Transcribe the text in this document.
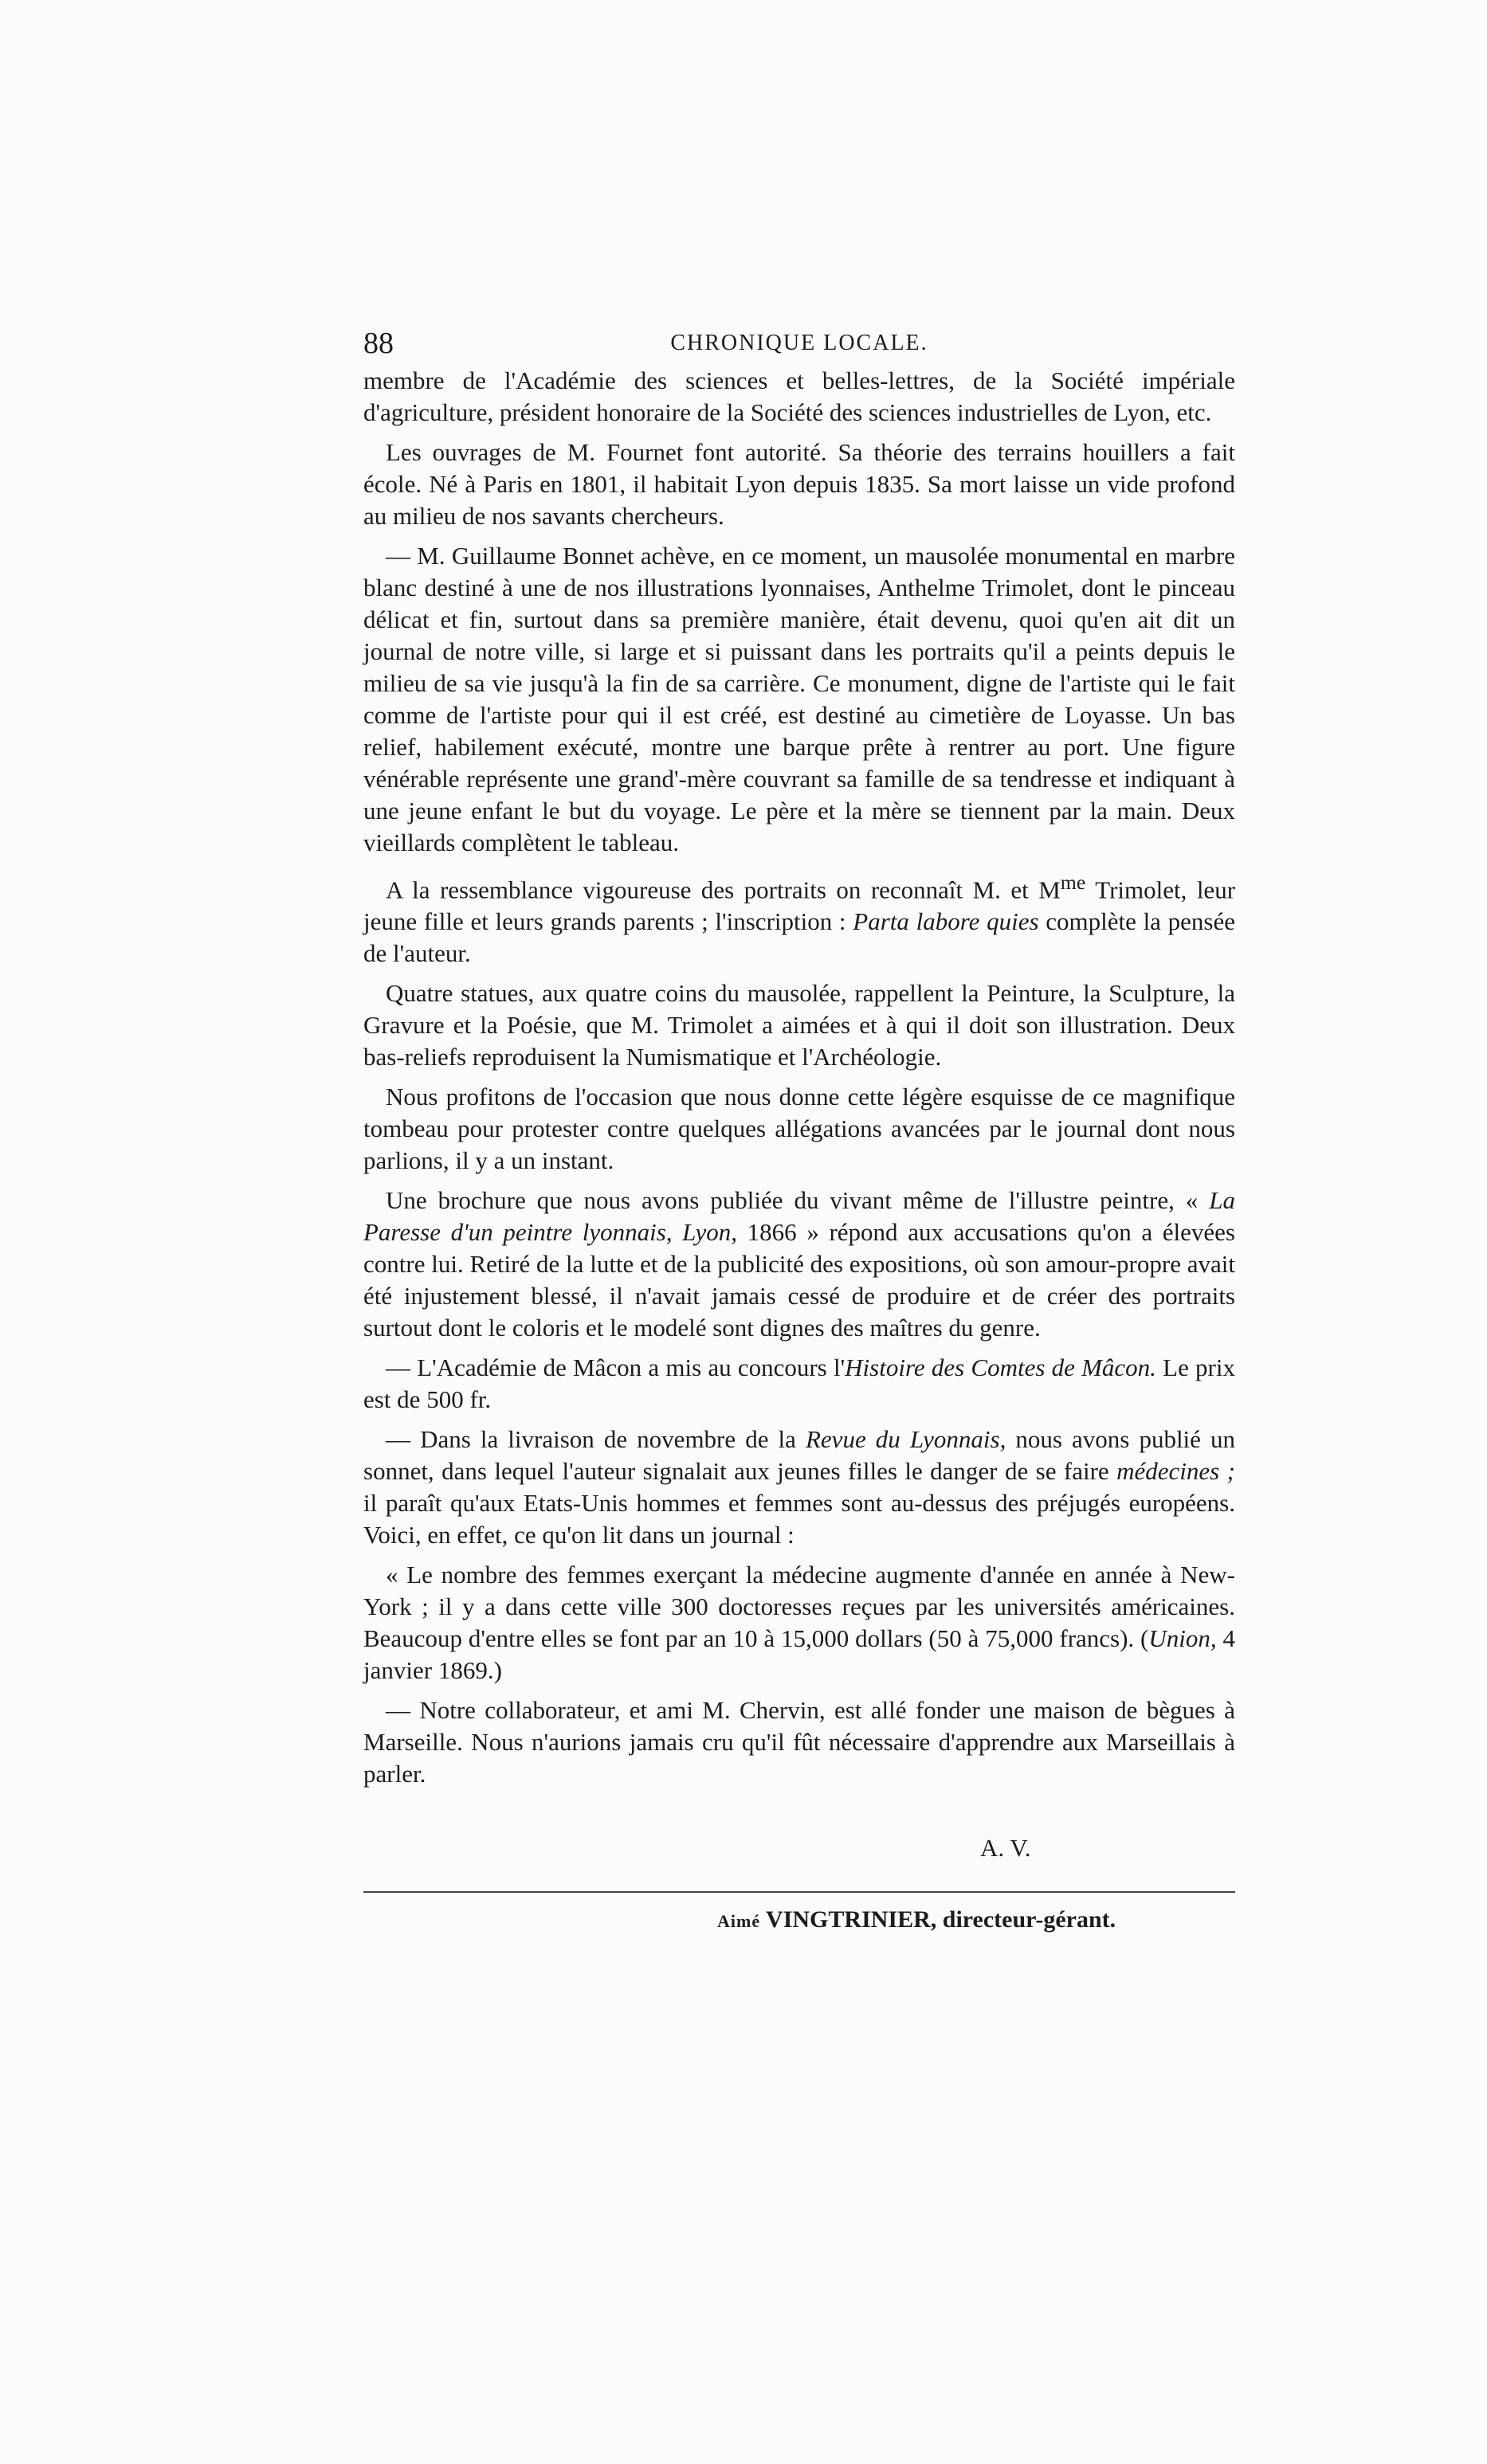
88	CHRONIQUE LOCALE.

membre de l'Académie des sciences et belles-lettres, de la Société impériale d'agriculture, président honoraire de la Société des sciences industrielles de Lyon, etc.

Les ouvrages de M. Fournet font autorité. Sa théorie des terrains houillers a fait école. Né à Paris en 1801, il habitait Lyon depuis 1835. Sa mort laisse un vide profond au milieu de nos savants chercheurs.

— M. Guillaume Bonnet achève, en ce moment, un mausolée monumental en marbre blanc destiné à une de nos illustrations lyonnaises, Anthelme Trimolet, dont le pinceau délicat et fin, surtout dans sa première manière, était devenu, quoi qu'en ait dit un journal de notre ville, si large et si puissant dans les portraits qu'il a peints depuis le milieu de sa vie jusqu'à la fin de sa carrière. Ce monument, digne de l'artiste qui le fait comme de l'artiste pour qui il est créé, est destiné au cimetière de Loyasse. Un bas relief, habilement exécuté, montre une barque prête à rentrer au port. Une figure vénérable représente une grand'-mère couvrant sa famille de sa tendresse et indiquant à une jeune enfant le but du voyage. Le père et la mère se tiennent par la main. Deux vieillards complètent le tableau.

A la ressemblance vigoureuse des portraits on reconnaît M. et $M^{me}$ Trimolet, leur jeune fille et leurs grands parents ; l'inscription : Parta labore quies complète la pensée de l'auteur.

Quatre statues, aux quatre coins du mausolée, rappellent la Peinture, la Sculpture, la Gravure et la Poésie, que M. Trimolet a aimées et à qui il doit son illustration. Deux bas-reliefs reproduisent la Numismatique et l'Archéologie.

Nous profitons de l'occasion que nous donne cette légère esquisse de ce magnifique tombeau pour protester contre quelques allégations avancées par le journal dont nous parlions, il y a un instant.

Une brochure que nous avons publiée du vivant même de l'illustre peintre, « La Paresse d'un peintre lyonnais, Lyon, 1866 » répond aux accusations qu'on a élevées contre lui. Retiré de la lutte et de la publicité des expositions, où son amour-propre avait été injustement blessé, il n'avait jamais cessé de produire et de créer des portraits surtout dont le coloris et le modelé sont dignes des maîtres du genre.

— L'Académie de Mâcon a mis au concours l'Histoire des Comtes de Mâcon. Le prix est de 500 fr.

— Dans la livraison de novembre de la Revue du Lyonnais, nous avons publié un sonnet, dans lequel l'auteur signalait aux jeunes filles le danger de se faire médecines ; il paraît qu'aux Etats-Unis hommes et femmes sont au-dessus des préjugés européens. Voici, en effet, ce qu'on lit dans un journal :

« Le nombre des femmes exerçant la médecine augmente d'année en année à New-York ; il y a dans cette ville 300 doctoresses reçues par les universités américaines. Beaucoup d'entre elles se font par an 10 à 15,000 dollars (50 à 75,000 francs). (Union, 4 janvier 1869.)

— Notre collaborateur, et ami M. Chervin, est allé fonder une maison de bègues à Marseille. Nous n'aurions jamais cru qu'il fût nécessaire d'apprendre aux Marseillais à parler.

A. V.
Aimé VINGTRINIER, directeur-gérant.
